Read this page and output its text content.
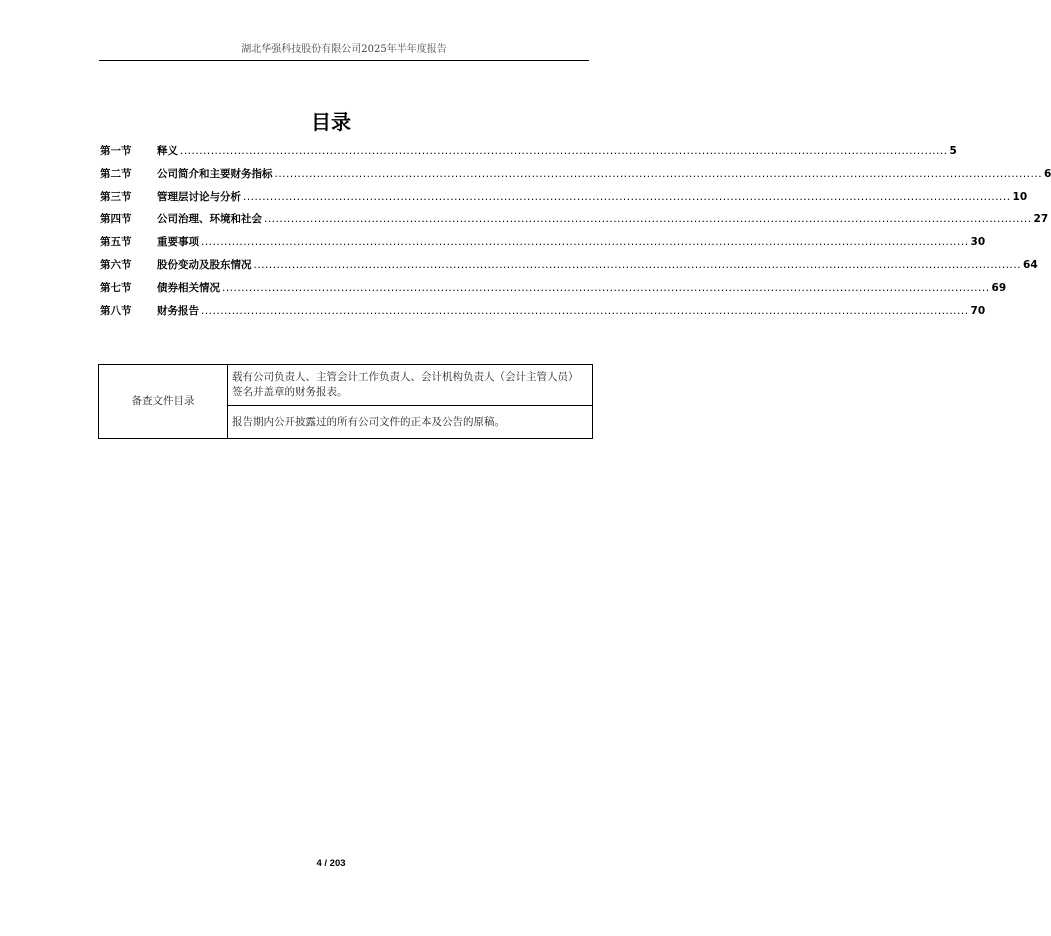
湖北华强科技股份有限公司2025年半年度报告
目录
第一节	释义 ........................................................................................................................................................................................................ 5
第二节	公司简介和主要财务指标 ........................................................................................................................................................................................................ 6
第三节	管理层讨论与分析 ........................................................................................................................................................................................................ 10
第四节	公司治理、环境和社会 ........................................................................................................................................................................................................ 27
第五节	重要事项 ........................................................................................................................................................................................................ 30
第六节	股份变动及股东情况 ........................................................................................................................................................................................................ 64
第七节	债券相关情况 ........................................................................................................................................................................................................ 69
第八节	财务报告 ........................................................................................................................................................................................................ 70
备查文件目录	载有公司负责人、主管会计工作负责人、会计机构负责人（会计主管人员）签名并盖章的财务报表。
报告期内公开披露过的所有公司文件的正本及公告的原稿。
4 / 203
